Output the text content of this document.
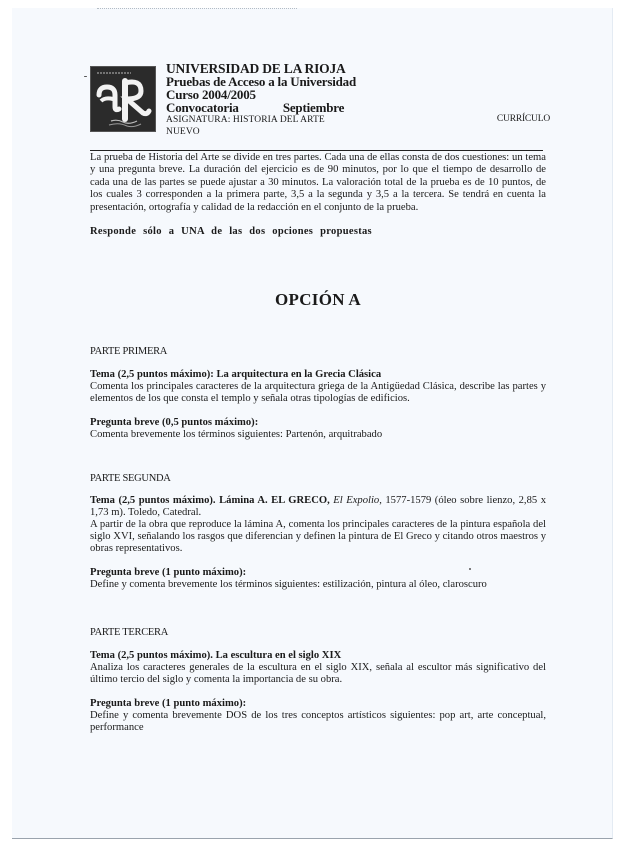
UNIVERSIDAD DE LA RIOJA
Pruebas de Acceso a la Universidad
Curso 2004/2005
Convocatoria	Septiembre
ASIGNATURA: HISTORIA DEL ARTE
NUEVO
CURRÍCULO

La prueba de Historia del Arte se divide en tres partes. Cada una de ellas consta de dos cuestiones: un tema y una pregunta breve. La duración del ejercicio es de 90 minutos, por lo que el tiempo de desarrollo de cada una de las partes se puede ajustar a 30 minutos. La valoración total de la prueba es de 10 puntos, de los cuales 3 corresponden a la primera parte, 3,5 a la segunda y 3,5 a la tercera. Se tendrá en cuenta la presentación, ortografía y calidad de la redacción en el conjunto de la prueba.

Responde sólo a UNA de las dos opciones propuestas
OPCIÓN A
PARTE PRIMERA
Tema (2,5 puntos máximo): La arquitectura en la Grecia Clásica
Comenta los principales caracteres de la arquitectura griega de la Antigüedad Clásica, describe las partes y elementos de los que consta el templo y señala otras tipologías de edificios.
Pregunta breve (0,5 puntos máximo):
Comenta brevemente los términos siguientes: Partenón, arquitrabado
PARTE SEGUNDA
Tema (2,5 puntos máximo). Lámina A. EL GRECO, El Expolio, 1577-1579 (óleo sobre lienzo, 2,85 x 1,73 m). Toledo, Catedral.
A partir de la obra que reproduce la lámina A, comenta los principales caracteres de la pintura española del siglo XVI, señalando los rasgos que diferencian y definen la pintura de El Greco y citando otros maestros y obras representativos.
Pregunta breve (1 punto máximo):
Define y comenta brevemente los términos siguientes: estilización, pintura al óleo, claroscuro
PARTE TERCERA
Tema (2,5 puntos máximo). La escultura en el siglo XIX
Analiza los caracteres generales de la escultura en el siglo XIX, señala al escultor más significativo del último tercio del siglo y comenta la importancia de su obra.
Pregunta breve (1 punto máximo):
Define y comenta brevemente DOS de los tres conceptos artísticos siguientes: pop art, arte conceptual, performance
